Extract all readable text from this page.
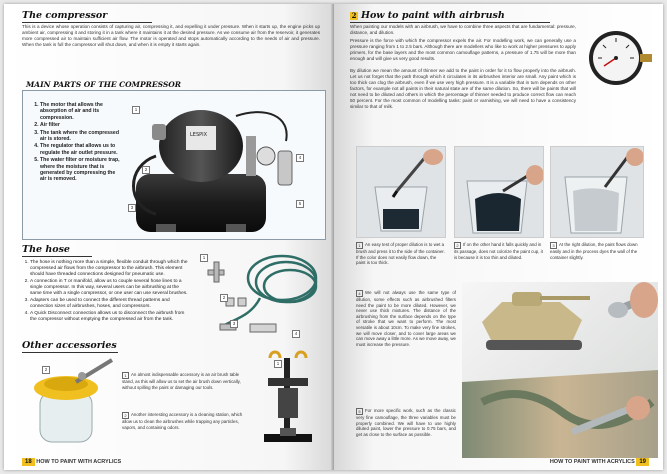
The compressor
This is a device whose operation consists of capturing air, compressing it, and expelling it under pressure. When it starts up, the engine picks up ambient air, compressing it and storing it in a tank where it maintains it at the desired pressure. As we consume air from the reservoir, it generates more compressed air to maintain sufficient air flow. The motor is operated and stops automatically according to the needs of air and pressure. When the tank is full the compressor will shut down, and when it is empty it starts again.
MAIN PARTS OF THE COMPRESSOR
1. The motor that allows the absorption of air and its compression.
2. Air filter
3. The tank where the compressed air is stored.
4. The regulator that allows us to regulate the air outlet pressure.
5. The water filter or moisture trap, where the moisture that is generated by compressing the air is removed.
LESPIX
1
2
3
4
5
The hose
1. The hose is nothing more than a simple, flexible conduit through which the compressed air flows from the compressor to the airbrush. This element should have threaded connections designed for pneumatic use.
2. A connection in T or manifold, allow us to couple several hose lines to a single compressor. In this way, several users can be airbrushing at the same time with a single compressor, or one user can use several brushes.
3. Adapters can be used to connect the different thread patterns and connection sizes of airbrushes, hoses, and compressors.
4. A Quick Disconnect connection allows us to disconnect the airbrush from the compressor without emptying the compressed air from the tank.
1
2
3
4
Other accessories
2
1 An almost indispensable accessory is an air brush table stand, as this will allow us to set the air brush down vertically, without spilling the paint or damaging our tools.
2 Another interesting accessory is a cleaning station, which allow us to clean the airbrushes while trapping any particles, vapors, and containing odors.
1
18 HOW TO PAINT WITH ACRYLICS
2 How to paint with airbrush
When painting our models with an airbrush, we have to combine three aspects that are fundamental: pressure, distance, and dilution.
Pressure is the force with which the compressor expels the air. For modelling work, we can generally use a pressure ranging from 1 to 2.5 bars. Although there are modellers who like to work at higher pressures to apply primers, for the base layers and the most common camouflage patterns, a pressure of 1.75 will be more than enough and will give us very good results.
By dilution we mean the amount of thinner we add to the paint in order for it to flow properly into the airbrush. Let us not forget that the path through which it circulates in its airbrushes interior are small. Any paint which is too thick can clog the airbrush, even if we use very high pressure. It is a variable that in turn depends on other factors, for example not all paints in their natural state are of the same dilution. So, there will be paints that will not need to be diluted and others in which the percentage of thinner needed to produce correct flow can reach 50 percent. For the most common of modelling tasks: paint or varnishing, we will need to have a consistency similar to that of milk.
1 An easy test of proper dilution is to wet a brush and press it to the side of the container. If the color does not easily flow down, the paint is too thick.
2 If on the other hand it falls quickly and in its passage, does not colorize the paint cup, it is because it is too thin and diluted.
3 At the right dilution, the paint flows down easily and in the process dyes the wall of the container slightly.
4 We will not always use the same type of dilution, some effects such as airbrushed filters need the paint to be more diluted. However, we never use thick mixtures. The distance of the airbrushing from the surface depends on the type of stroke that we want to perform. The most versatile is about 10cm. To make very fine strokes, we will move closer, and to cover large areas we can move away a little more. As we move away, we must increase the pressure.
5 For more specific work, such as the classic very fine camouflage, the three variables must be properly combined. We will have to use highly diluted paint, lower the pressure to 0.75 bars, and get as close to the surface as possible.
HOW TO PAINT WITH ACRYLICS 19
